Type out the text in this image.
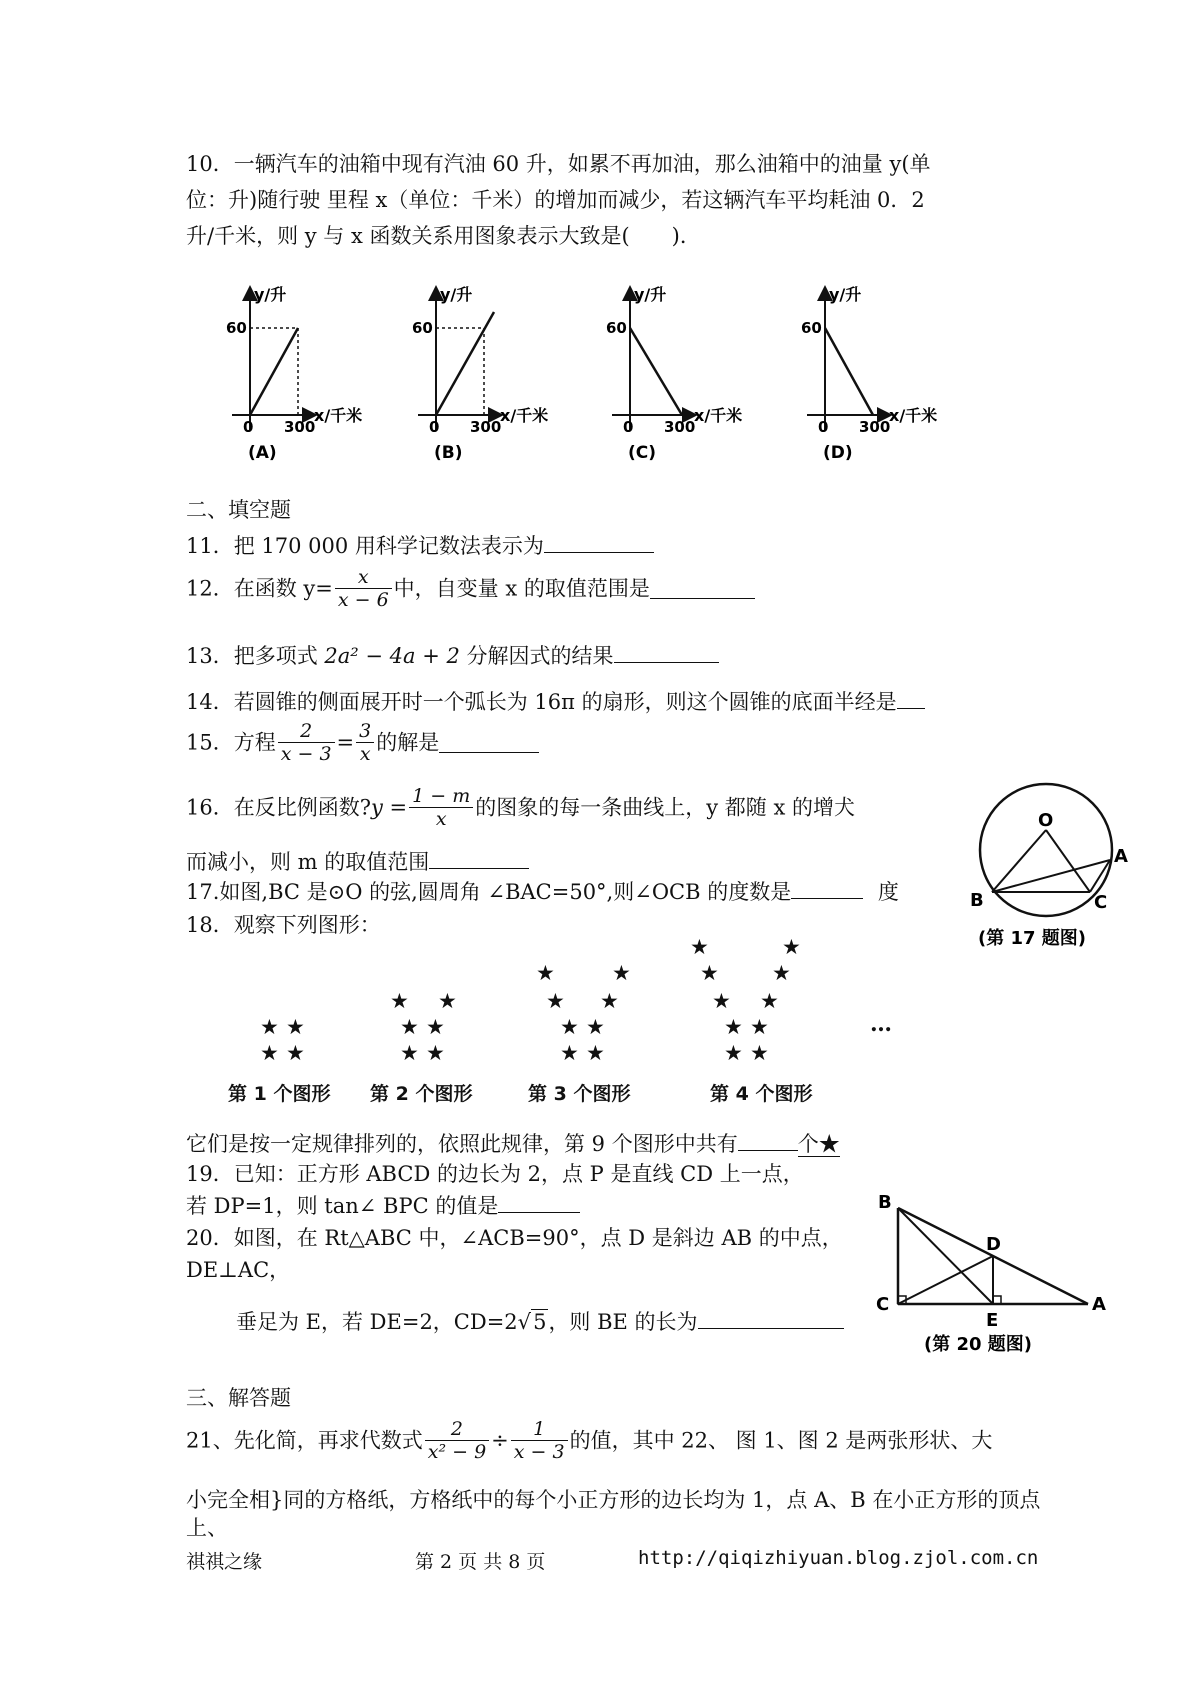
10．一辆汽车的油箱中现有汽油 60 升，如累不再加油，那么油箱中的油量 y(单
位：升)随行驶 里程 x（单位：千米）的增加而减少，若这辆汽车平均耗油 0．2
升/千米，则 y 与 x 函数关系用图象表示大致是(　　)．
y/升
60
0 300
x/千米
(A)
y/升
60
0 300
x/千米
(B)
y/升
60
0 300
x/千米
(C)
y/升
60
0 300
x/千米
(D)
二、填空题
11．把 170 000 用科学记数法表示为
12．在函数 $y= \frac{x}{x - 6}$ 中，自变量 x 的取值范围是
13．把多项式 2a² − 4a + 2 分解因式的结果
14．若圆锥的侧面展开时一个弧长为 16π 的扇形，则这个圆锥的底面半经是
15．方程 $\frac{2}{x - 3} = \frac{3}{x}$ 的解是
16．在反比例函数?y = $\frac{1 - m}{x}$ 的图象的每一条曲线上，y 都随 x 的增犬
而减小，则 m 的取值范围
17.如图,BC 是⊙O 的弦,圆周角 ∠BAC=50°,则∠OCB 的度数是	度
O
A
B	C
(第 17 题图)
18．观察下列图形：
★ ★
★ ★
第 1 个图形
★ ★
★ ★
★ ★
第 2 个图形
★	★
★ ★
★ ★
★ ★
第 3 个图形
★	★
★	★
★ ★
★ ★
★ ★
第 4 个图形
…
它们是按一定规律排列的，依照此规律，第 9 个图形中共有	个★
19．已知：正方形 ABCD 的边长为 2，点 P 是直线 CD 上一点，
若 DP=1，则 tan∠ BPC 的值是
20．如图，在 Rt△ABC 中，∠ACB=90°，点 D 是斜边 AB 的中点，
DE⊥AC，
垂足为 E，若 DE=2，CD=2√5，则 BE 的长为
B
D
C
E
A
(第 20 题图)
三、解答题
21、先化简，再求代数式 $\frac{2}{\text{x² − 9}} \div \frac{1}{x - 3}$ 的值，其中 22、 图 1、图 2 是两张形状、大
小完全相}同的方格纸，方格纸中的每个小正方形的边长均为 1，点 A、B 在小正方形的顶点
上、
祺祺之缘	第 2 页 共 8 页	http://qiqizhiyuan.blog.zjol.com.cn
